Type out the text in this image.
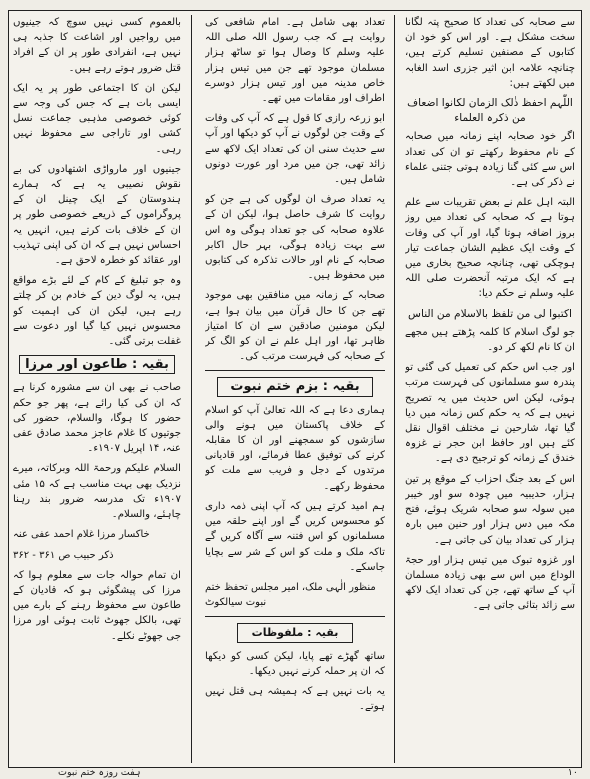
سے صحابہ کی تعداد کا صحیح پتہ لگانا سخت مشکل ہے۔ اور اس کو خود ان کتابوں کے مصنفین تسلیم کرتے ہیں، چنانچہ علامہ ابن اثیر جزری اسد الغابہ میں لکھتے ہیں:

اللّٰہم احفظ ذٰلک الزمان لکانوا اضعاف من ذکرہ العلماء

اگر خود صحابہ اپنے زمانہ میں صحابہ کے نام محفوظ رکھتے تو ان کی تعداد اس سے کئی گنا زیادہ ہوتی جتنی علماء نے ذکر کی ہے۔

البتہ اہل علم نے بعض تقریبات سے علم ہوتا ہے کہ صحابہ کی تعداد میں روز بروز اضافہ ہوتا گیا، اور آپ کی وفات کے وقت ایک عظیم الشان جماعت تیار ہوچکی تھی، چنانچہ صحیح بخاری میں ہے کہ ایک مرتبہ آنحضرت صلی اللہ علیہ وسلم نے حکم دیا:

اکتبوا لی من تلفظ بالاسلام من الناس

جو لوگ اسلام کا کلمہ پڑھتے ہیں مجھے ان کا نام لکھ کر دو۔

اور جب اس حکم کی تعمیل کی گئی تو پندرہ سو مسلمانوں کی فہرست مرتب ہوئی، لیکن اس حدیث میں یہ تصریح نہیں ہے کہ یہ حکم کس زمانہ میں دیا گیا تھا، شارحین نے مختلف اقوال نقل کئے ہیں اور حافظ ابن حجر نے غزوہ خندق کے زمانہ کو ترجیح دی ہے۔

اس کے بعد جنگ احزاب کے موقع پر تین ہزار، حدیبیہ میں چودہ سو اور خیبر میں سولہ سو صحابہ شریک ہوئے، فتح مکہ میں دس ہزار اور حنین میں بارہ ہزار کی تعداد بیان کی جاتی ہے۔

اور غزوہ تبوک میں تیس ہزار اور حجۃ الوداع میں اس سے بھی زیادہ مسلمان آپ کے ساتھ تھے، جن کی تعداد ایک لاکھ سے زائد بتائی جاتی ہے۔

تعداد بھی شامل ہے۔ امام شافعی کی روایت ہے کہ جب رسول اللہ صلی اللہ علیہ وسلم کا وصال ہوا تو ساٹھ ہزار مسلمان موجود تھے جن میں تیس ہزار خاص مدینہ میں اور تیس ہزار دوسرے اطراف اور مقامات میں تھے۔

ابو زرعہ رازی کا قول ہے کہ آپ کی وفات کے وقت جن لوگوں نے آپ کو دیکھا اور آپ سے حدیث سنی ان کی تعداد ایک لاکھ سے زائد تھی، جن میں مرد اور عورت دونوں شامل ہیں۔

یہ تعداد صرف ان لوگوں کی ہے جن کو روایت کا شرف حاصل ہوا، لیکن ان کے علاوہ صحابہ کی جو تعداد ہوگی وہ اس سے بہت زیادہ ہوگی، بہر حال اکابر صحابہ کے نام اور حالات تذکرہ کی کتابوں میں محفوظ ہیں۔

صحابہ کے زمانہ میں منافقین بھی موجود تھے جن کا حال قرآن میں بیان ہوا ہے، لیکن مومنین صادقین سے ان کا امتیاز ظاہر تھا، اور اہل علم نے ان کو الگ کر کے صحابہ کی فہرست مرتب کی۔

بقیہ : بزم ختم نبوت

ہماری دعا ہے کہ اللہ تعالیٰ آپ کو اسلام کے خلاف پاکستان میں ہونے والی سازشوں کو سمجھنے اور ان کا مقابلہ کرنے کی توفیق عطا فرمائے، اور قادیانی مرتدوں کے دجل و فریب سے ملت کو محفوظ رکھے۔

ہم امید کرتے ہیں کہ آپ اپنی ذمہ داری کو محسوس کریں گے اور اپنے حلقہ میں مسلمانوں کو اس فتنہ سے آگاہ کریں گے تاکہ ملک و ملت کو اس کے شر سے بچایا جاسکے۔

منظور الٰہی ملک، امیر مجلس تحفظ ختم نبوت سیالکوٹ

بقیہ : ملفوظات

ساتھ گھڑے تھے پایا، لیکن کسی کو دیکھا کہ ان پر حملہ کرنے نہیں دیکھا۔

یہ بات نہیں ہے کہ ہمیشہ ہی قتل نہیں ہوتے۔

بالعموم کسی نہیں سوچ کہ جینیوں میں رواجیں اور اشاعت کا جذبہ ہی نہیں ہے، انفرادی طور پر ان کے افراد قتل ضرور ہوتے رہے ہیں۔

لیکن ان کا اجتماعی طور پر یہ ایک ایسی بات ہے کہ جس کی وجہ سے کوئی خصوصی مذہبی جماعت نسل کشی اور تاراجی سے محفوظ نہیں رہی۔

جینیوں اور مارواڑی اشتھادوں کی بے نقوش نصیبی یہ ہے کہ ہمارے ہندوستان کے ایک چینل ان کے پروگراموں کے ذریعے خصوصی طور پر ان کے خلاف بات کرتے ہیں، انہیں یہ احساس نہیں ہے کہ ان کی اپنی تہذیب اور عقائد کو خطرہ لاحق ہے۔

وہ جو تبلیغ کے کام کے لئے بڑے مواقع ہیں، یہ لوگ دین کے خادم بن کر چلتے رہے ہیں، لیکن ان کی اہمیت کو محسوس نہیں کیا گیا اور دعوت سے غفلت برتی گئی۔

بقیہ : طاعون اور مرزا

صاحب نے بھی ان سے مشورہ کرنا ہے کہ ان کی کیا رائے ہے، پھر جو حکم حضور کا ہوگا، والسلام، حضور کی جوتیوں کا غلام عاجز محمد صادق عفی عنہ، ۱۴ اپریل ۱۹۰۷ء۔

السلام علیکم ورحمۃ اللہ وبرکاتہ، میرے نزدیک بھی بہت مناسب ہے کہ ۱۵ مئی ۱۹۰۷ء تک مدرسہ ضرور بند رہنا چاہئے، والسلام۔

خاکسار مرزا غلام احمد عفی عنہ

ذکر حبیب ص ۳۶۱ - ۳۶۲

ان تمام حوالہ جات سے معلوم ہوا کہ مرزا کی پیشگوئی ہو کہ قادیان کے طاعون سے محفوظ رہنے کے بارے میں تھی، بالکل جھوٹ ثابت ہوئی اور مرزا جی جھوٹے نکلے۔

۱۰
ہفت روزہ ختم نبوت
